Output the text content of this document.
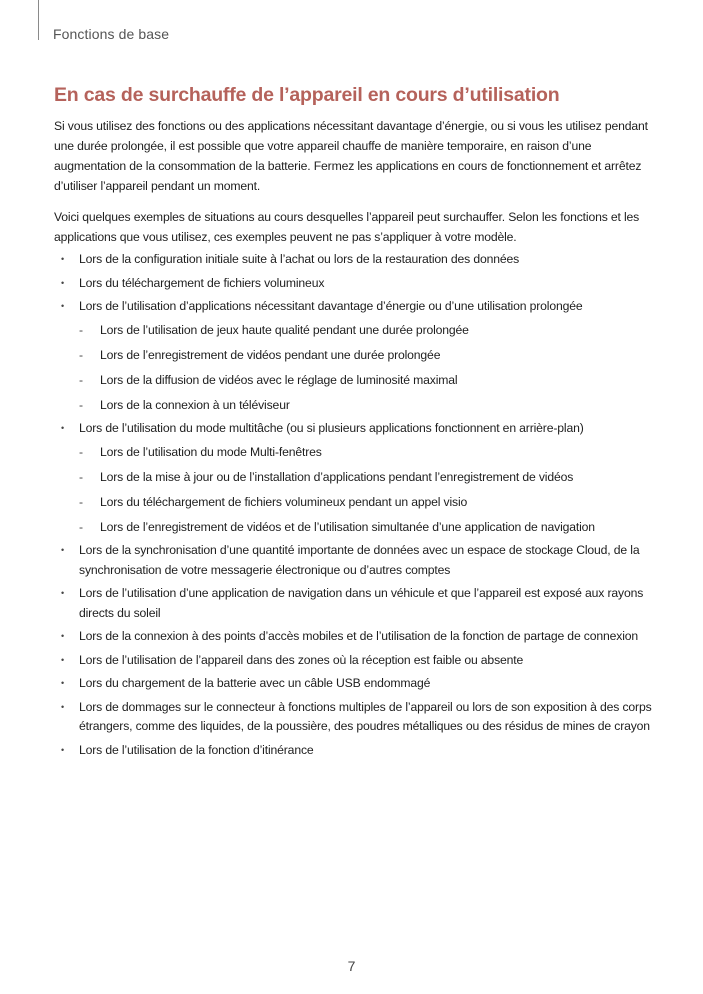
Fonctions de base
En cas de surchauffe de l’appareil en cours d’utilisation

Si vous utilisez des fonctions ou des applications nécessitant davantage d’énergie, ou si vous les utilisez pendant une durée prolongée, il est possible que votre appareil chauffe de manière temporaire, en raison d’une augmentation de la consommation de la batterie. Fermez les applications en cours de fonctionnement et arrêtez d’utiliser l’appareil pendant un moment.

Voici quelques exemples de situations au cours desquelles l’appareil peut surchauffer. Selon les fonctions et les applications que vous utilisez, ces exemples peuvent ne pas s’appliquer à votre modèle.

• Lors de la configuration initiale suite à l’achat ou lors de la restauration des données
• Lors du téléchargement de fichiers volumineux
• Lors de l’utilisation d’applications nécessitant davantage d’énergie ou d’une utilisation prolongée
- Lors de l’utilisation de jeux haute qualité pendant une durée prolongée
- Lors de l’enregistrement de vidéos pendant une durée prolongée
- Lors de la diffusion de vidéos avec le réglage de luminosité maximal
- Lors de la connexion à un téléviseur
• Lors de l’utilisation du mode multitâche (ou si plusieurs applications fonctionnent en arrière-plan)
- Lors de l’utilisation du mode Multi-fenêtres
- Lors de la mise à jour ou de l’installation d’applications pendant l’enregistrement de vidéos
- Lors du téléchargement de fichiers volumineux pendant un appel visio
- Lors de l’enregistrement de vidéos et de l’utilisation simultanée d’une application de navigation
• Lors de la synchronisation d’une quantité importante de données avec un espace de stockage Cloud, de la synchronisation de votre messagerie électronique ou d’autres comptes
• Lors de l’utilisation d’une application de navigation dans un véhicule et que l’appareil est exposé aux rayons directs du soleil
• Lors de la connexion à des points d’accès mobiles et de l’utilisation de la fonction de partage de connexion
• Lors de l’utilisation de l’appareil dans des zones où la réception est faible ou absente
• Lors du chargement de la batterie avec un câble USB endommagé
• Lors de dommages sur le connecteur à fonctions multiples de l’appareil ou lors de son exposition à des corps étrangers, comme des liquides, de la poussière, des poudres métalliques ou des résidus de mines de crayon
• Lors de l’utilisation de la fonction d’itinérance
7
